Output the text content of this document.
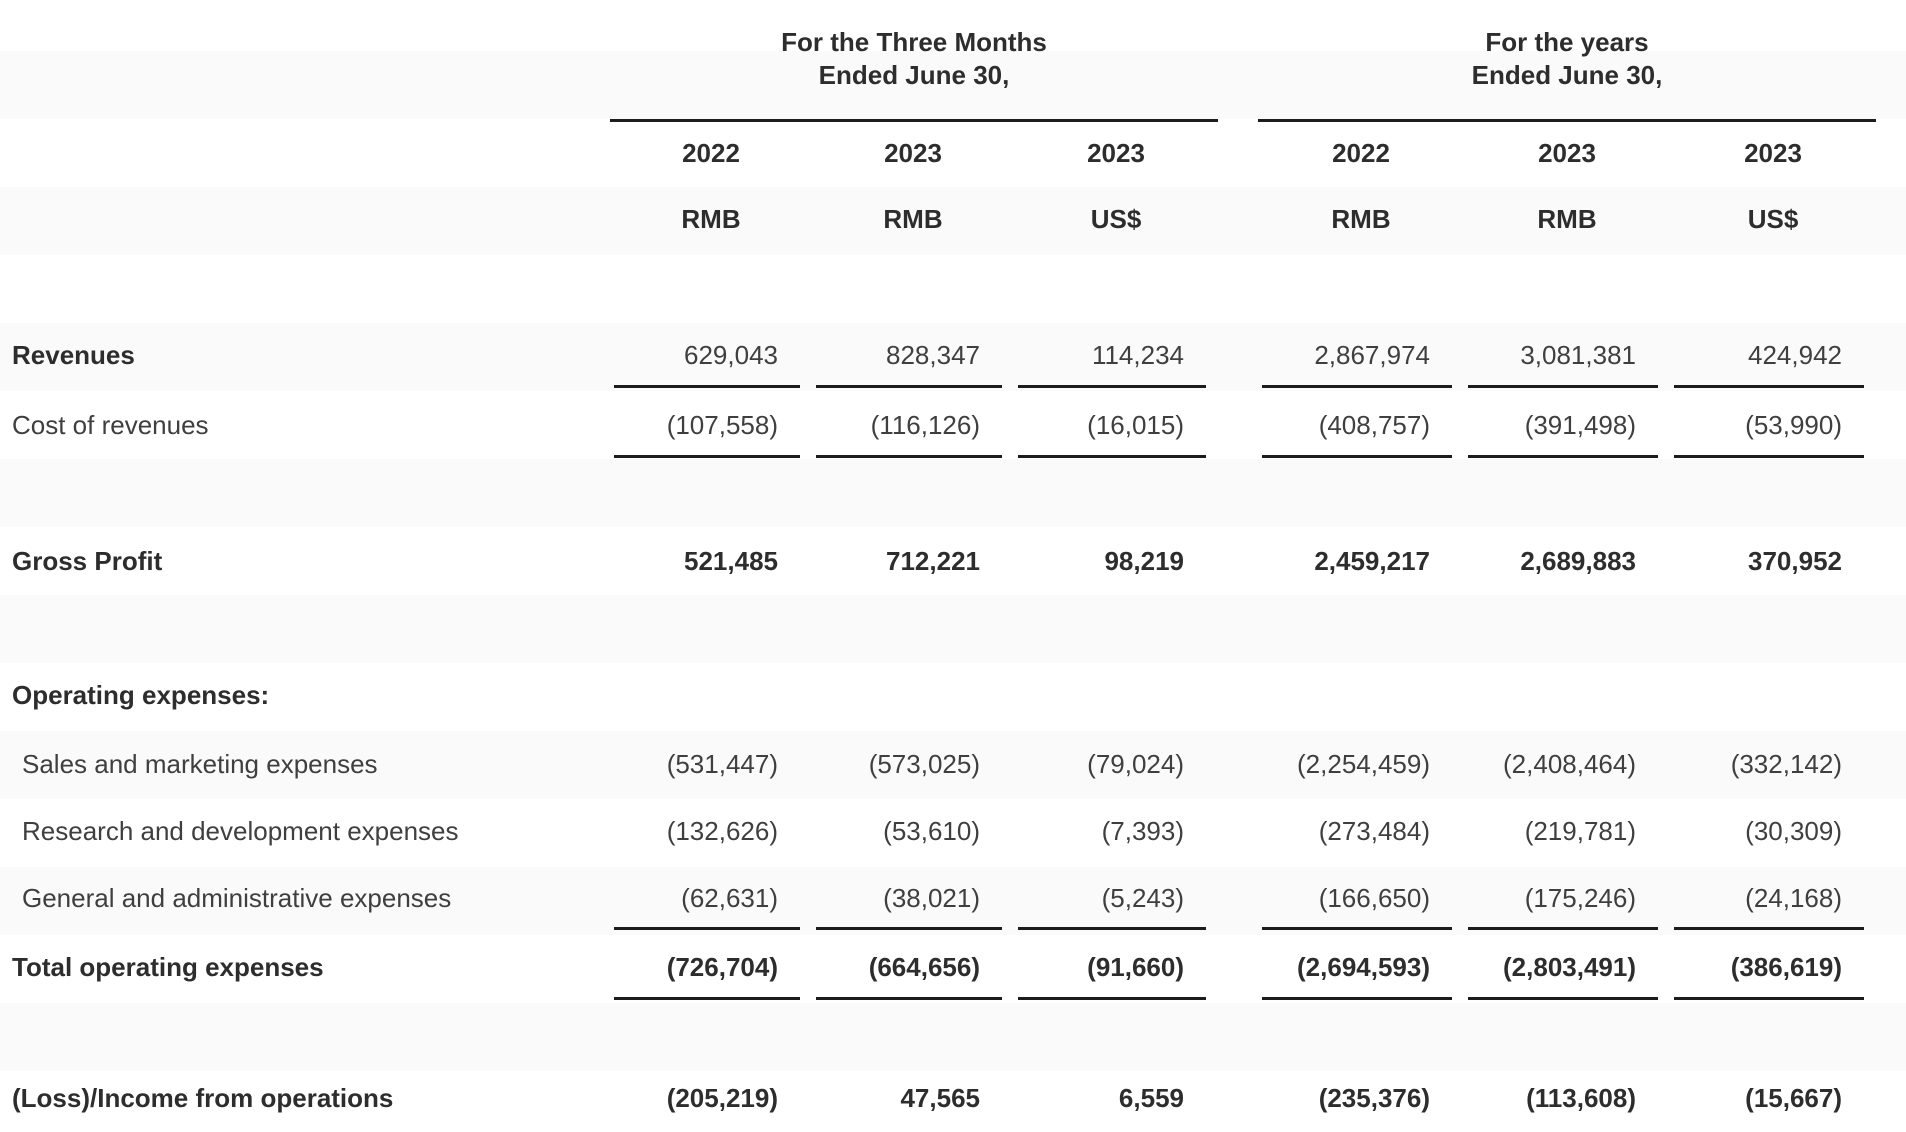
For the Three Months
Ended June 30,
For the years
Ended June 30,
2022	2023	2023	2022	2023	2023
RMB	RMB	US$	RMB	RMB	US$
Revenues	629,043	828,347	114,234	2,867,974	3,081,381	424,942
Cost of revenues	(107,558)	(116,126)	(16,015)	(408,757)	(391,498)	(53,990)
Gross Profit	521,485	712,221	98,219	2,459,217	2,689,883	370,952
Operating expenses:
Sales and marketing expenses	(531,447)	(573,025)	(79,024)	(2,254,459)	(2,408,464)	(332,142)
Research and development expenses	(132,626)	(53,610)	(7,393)	(273,484)	(219,781)	(30,309)
General and administrative expenses	(62,631)	(38,021)	(5,243)	(166,650)	(175,246)	(24,168)
Total operating expenses	(726,704)	(664,656)	(91,660)	(2,694,593)	(2,803,491)	(386,619)
(Loss)/Income from operations	(205,219)	47,565	6,559	(235,376)	(113,608)	(15,667)
